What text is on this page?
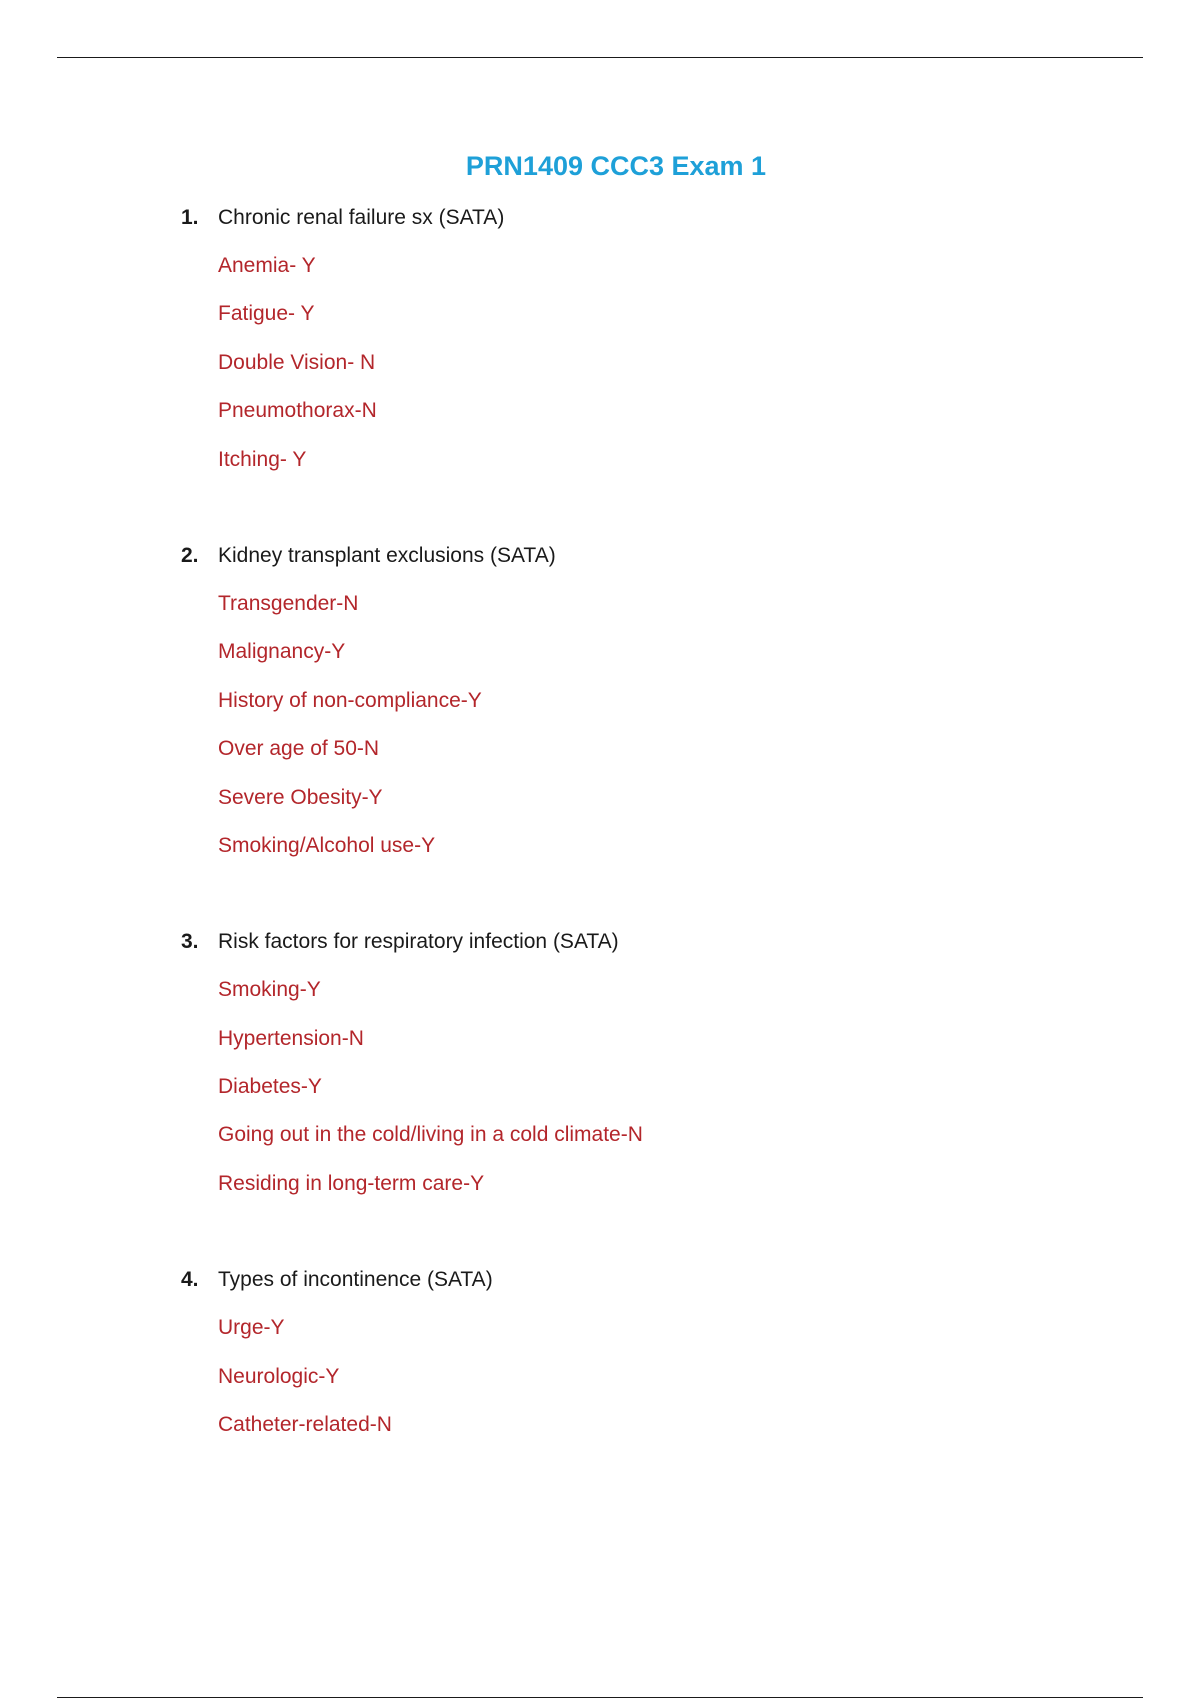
PRN1409 CCC3 Exam 1
1. Chronic renal failure sx (SATA)
Anemia- Y
Fatigue- Y
Double Vision- N
Pneumothorax-N
Itching- Y
2. Kidney transplant exclusions (SATA)
Transgender-N
Malignancy-Y
History of non-compliance-Y
Over age of 50-N
Severe Obesity-Y
Smoking/Alcohol use-Y
3. Risk factors for respiratory infection (SATA)
Smoking-Y
Hypertension-N
Diabetes-Y
Going out in the cold/living in a cold climate-N
Residing in long-term care-Y
4. Types of incontinence (SATA)
Urge-Y
Neurologic-Y
Catheter-related-N
